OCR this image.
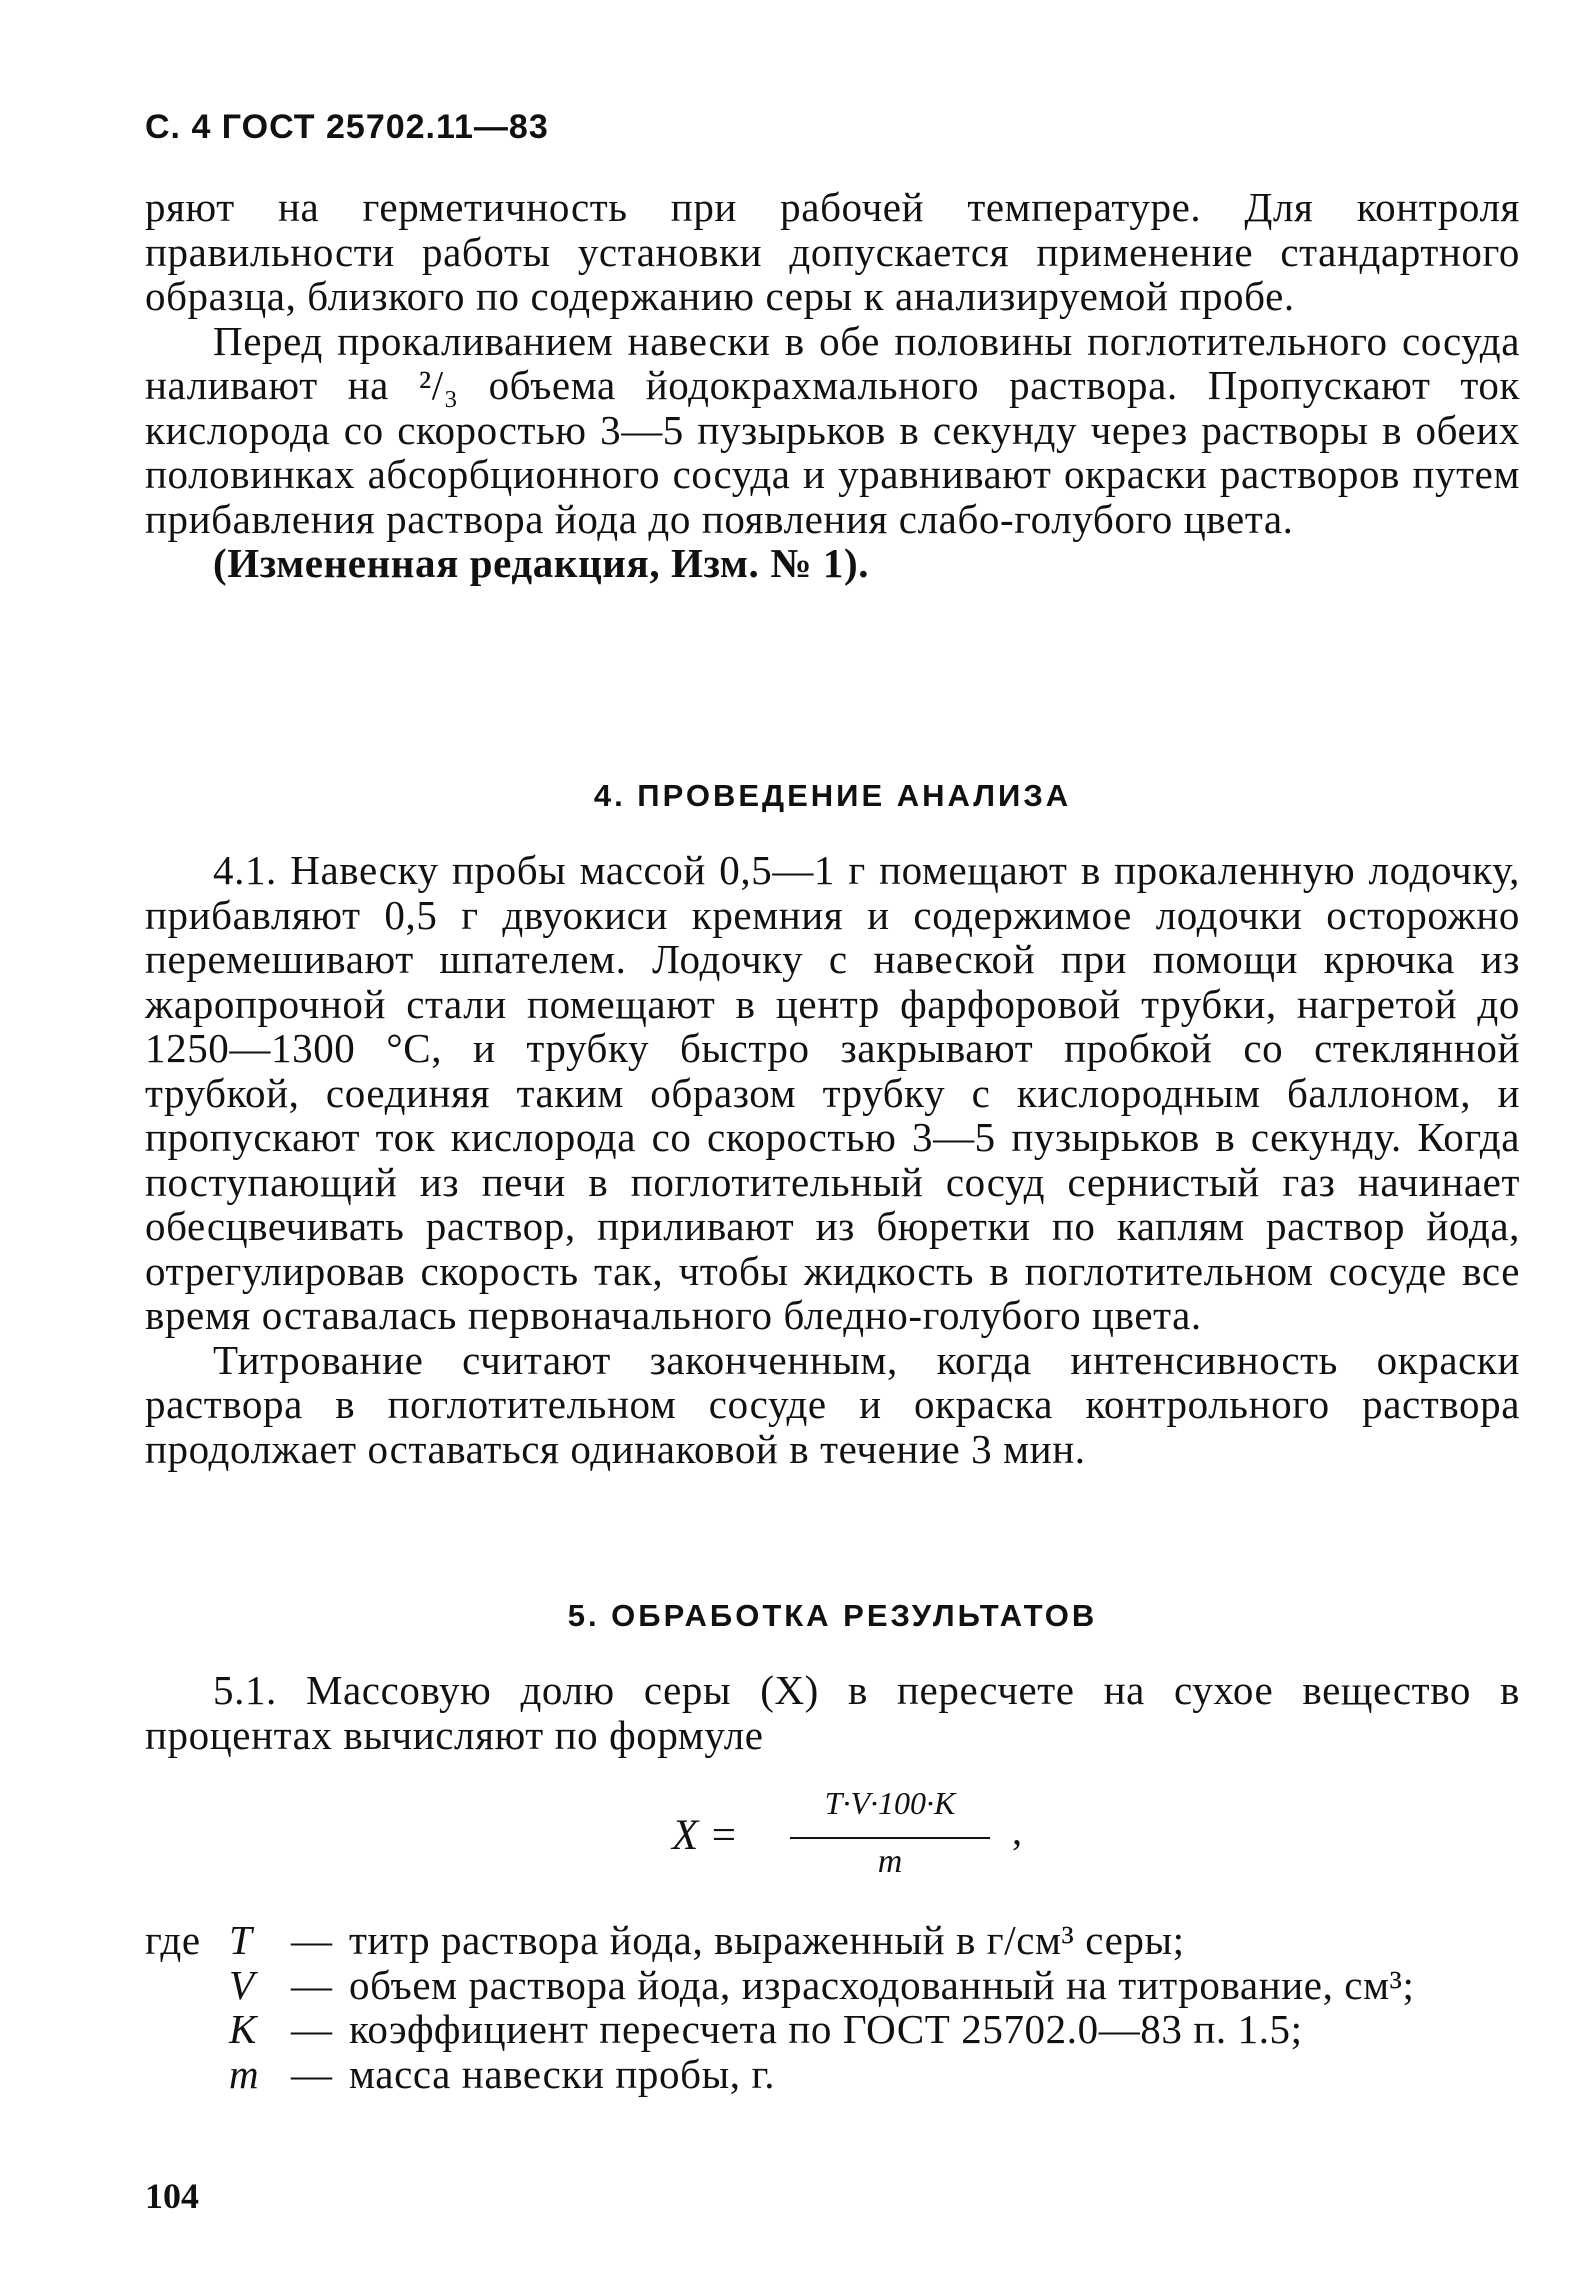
С. 4 ГОСТ 25702.11—83

ряют на герметичность при рабочей температуре. Для контроля правильности работы установки допускается применение стандартного образца, близкого по содержанию серы к анализируемой пробе.

Перед прокаливанием навески в обе половины поглотительного сосуда наливают на ²/₃ объема йодокрахмального раствора. Пропускают ток кислорода со скоростью 3—5 пузырьков в секунду через растворы в обеих половинках абсорбционного сосуда и уравнивают окраски растворов путем прибавления раствора йода до появления слабо-голубого цвета.

(Измененная редакция, Изм. № 1).

4. ПРОВЕДЕНИЕ АНАЛИЗА

4.1. Навеску пробы массой 0,5—1 г помещают в прокаленную лодочку, прибавляют 0,5 г двуокиси кремния и содержимое лодочки осторожно перемешивают шпателем. Лодочку с навеской при помощи крючка из жаропрочной стали помещают в центр фарфоровой трубки, нагретой до 1250—1300 °С, и трубку быстро закрывают пробкой со стеклянной трубкой, соединяя таким образом трубку с кислородным баллоном, и пропускают ток кислорода со скоростью 3—5 пузырьков в секунду. Когда поступающий из печи в поглотительный сосуд сернистый газ начинает обесцвечивать раствор, приливают из бюретки по каплям раствор йода, отрегулировав скорость так, чтобы жидкость в поглотительном сосуде все время оставалась первоначального бледно-голубого цвета.

Титрование считают законченным, когда интенсивность окраски раствора в поглотительном сосуде и окраска контрольного раствора продолжает оставаться одинаковой в течение 3 мин.

5. ОБРАБОТКА РЕЗУЛЬТАТОВ

5.1. Массовую долю серы (X) в пересчете на сухое вещество в процентах вычисляют по формуле

X =
T·V·100·K
m
,
где T — титр раствора йода, выраженный в г/см³ серы;
V — объем раствора йода, израсходованный на титрование, см³;
K — коэффициент пересчета по ГОСТ 25702.0—83 п. 1.5;
m — масса навески пробы, г.
104
